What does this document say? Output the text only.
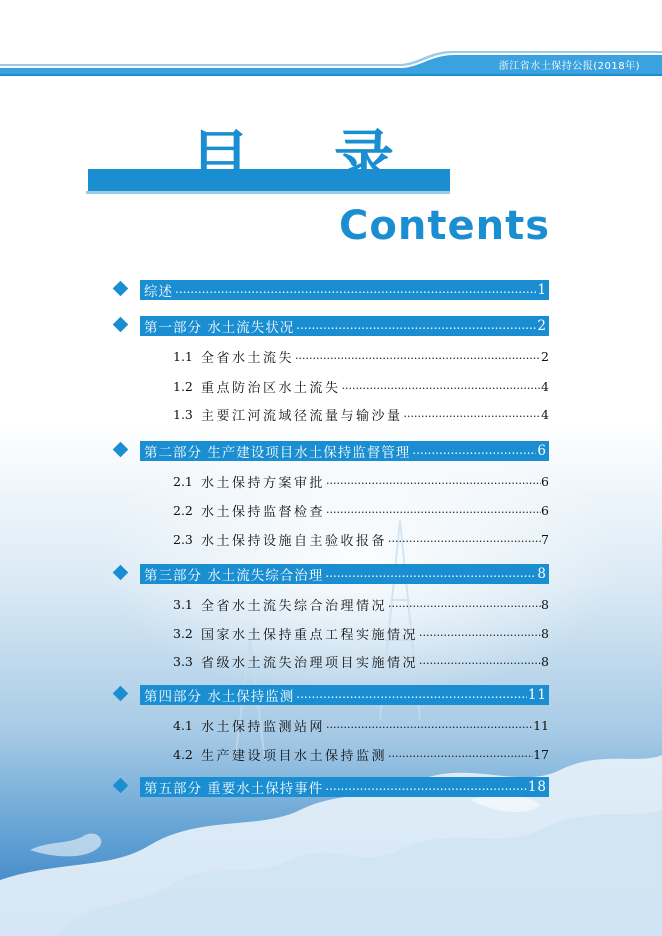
浙江省水土保持公报(2018年)
目录
Contents
综述 .....	1
第一部分 水土流失状况 .....	2
1.1 全省水土流失 .....	2
1.2 重点防治区水土流失 .....	4
1.3 主要江河流域径流量与输沙量 .....	4
第二部分 生产建设项目水土保持监督管理 .....	6
2.1 水土保持方案审批 .....	6
2.2 水土保持监督检查 .....	6
2.3 水土保持设施自主验收报备 .....	7
第三部分 水土流失综合治理 .....	8
3.1 全省水土流失综合治理情况 .....	8
3.2 国家水土保持重点工程实施情况 .....	8
3.3 省级水土流失治理项目实施情况 .....	8
第四部分 水土保持监测 .....	11
4.1 水土保持监测站网 .....	11
4.2 生产建设项目水土保持监测 .....	17
第五部分 重要水土保持事件 .....	18
